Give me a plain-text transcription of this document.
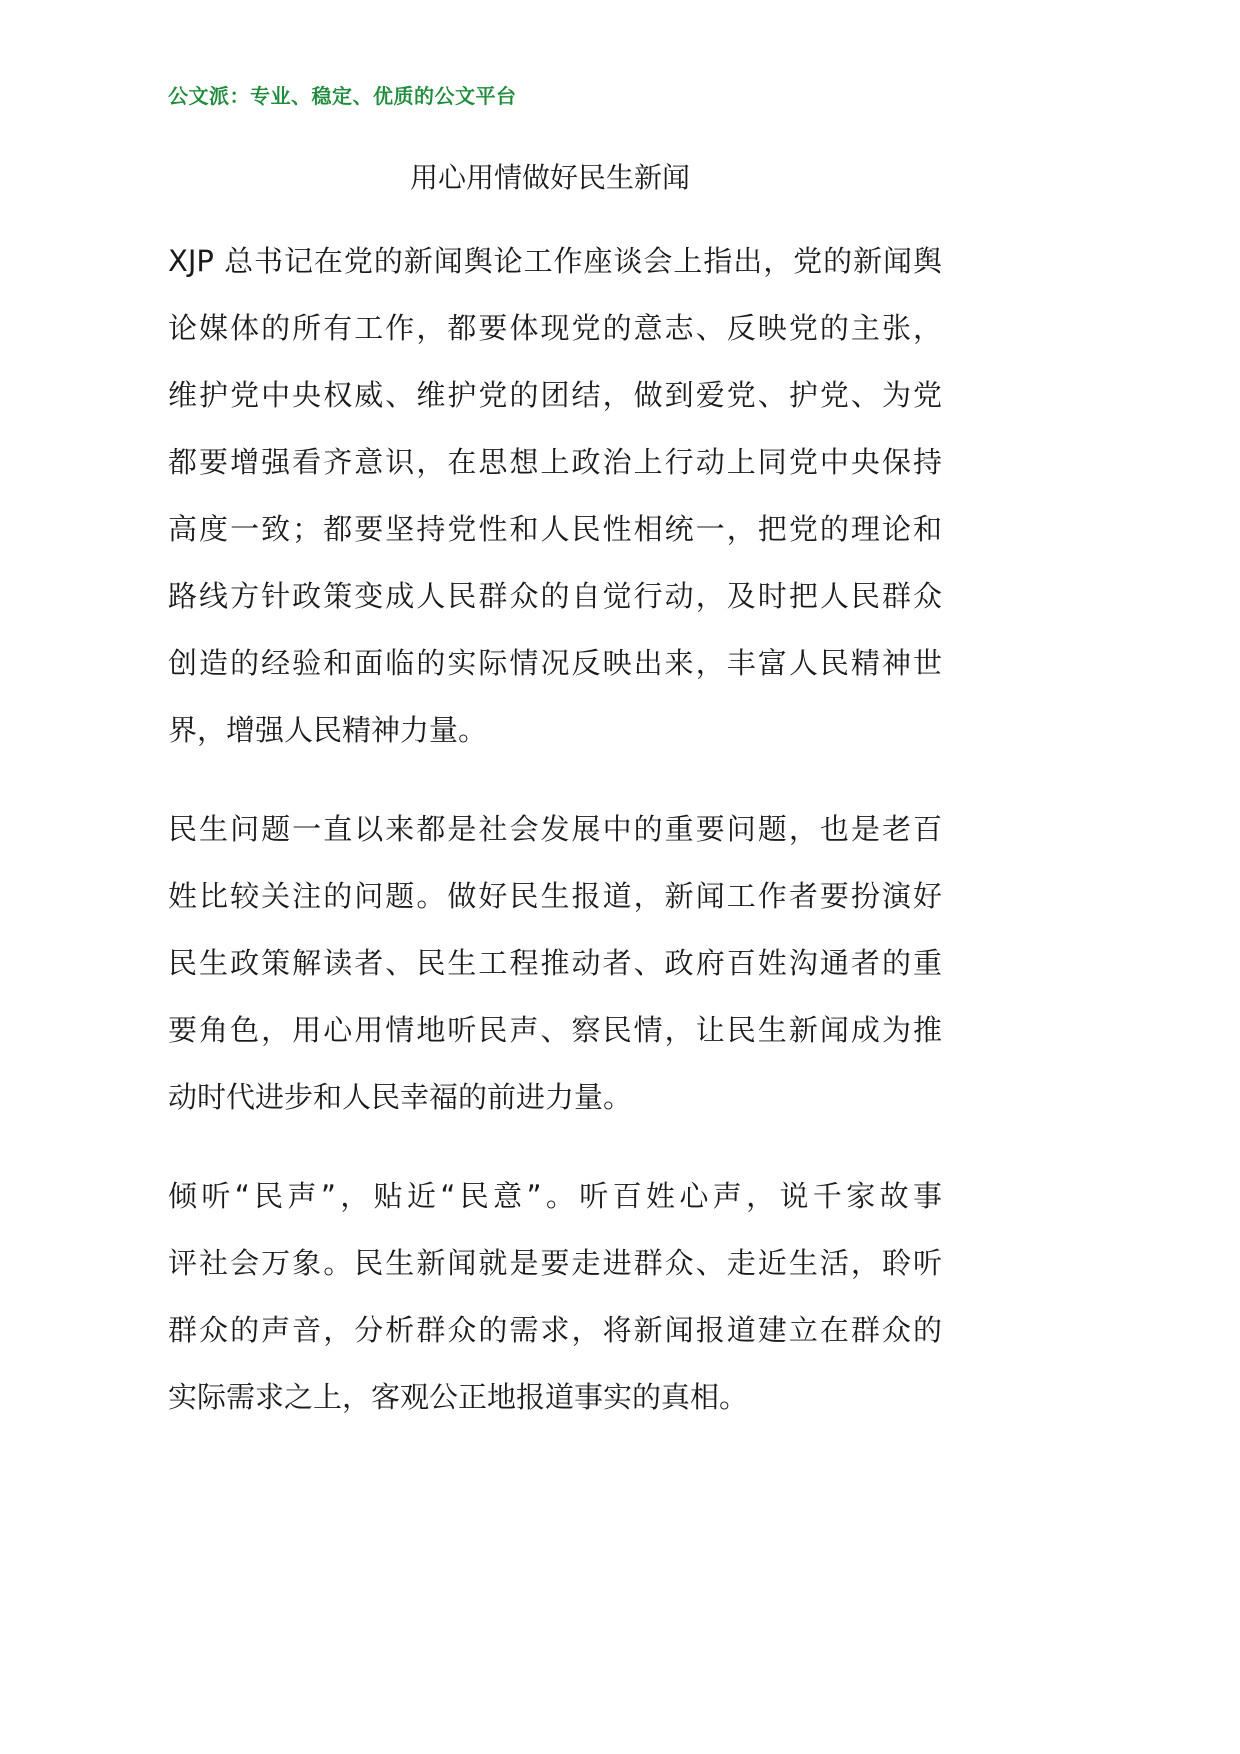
公文派：专业、稳定、优质的公文平台
用心用情做好民生新闻
XJP 总书记在党的新闻舆论工作座谈会上指出，党的新闻舆
论媒体的所有工作，都要体现党的意志、反映党的主张，
维护党中央权威、维护党的团结，做到爱党、护党、为党
都要增强看齐意识，在思想上政治上行动上同党中央保持
高度一致；都要坚持党性和人民性相统一，把党的理论和
路线方针政策变成人民群众的自觉行动，及时把人民群众
创造的经验和面临的实际情况反映出来，丰富人民精神世
界，增强人民精神力量。
民生问题一直以来都是社会发展中的重要问题，也是老百
姓比较关注的问题。做好民生报道，新闻工作者要扮演好
民生政策解读者、民生工程推动者、政府百姓沟通者的重
要角色，用心用情地听民声、察民情，让民生新闻成为推
动时代进步和人民幸福的前进力量。
倾听“民声”，贴近“民意”。听百姓心声，说千家故事
评社会万象。民生新闻就是要走进群众、走近生活，聆听
群众的声音，分析群众的需求，将新闻报道建立在群众的
实际需求之上，客观公正地报道事实的真相。
